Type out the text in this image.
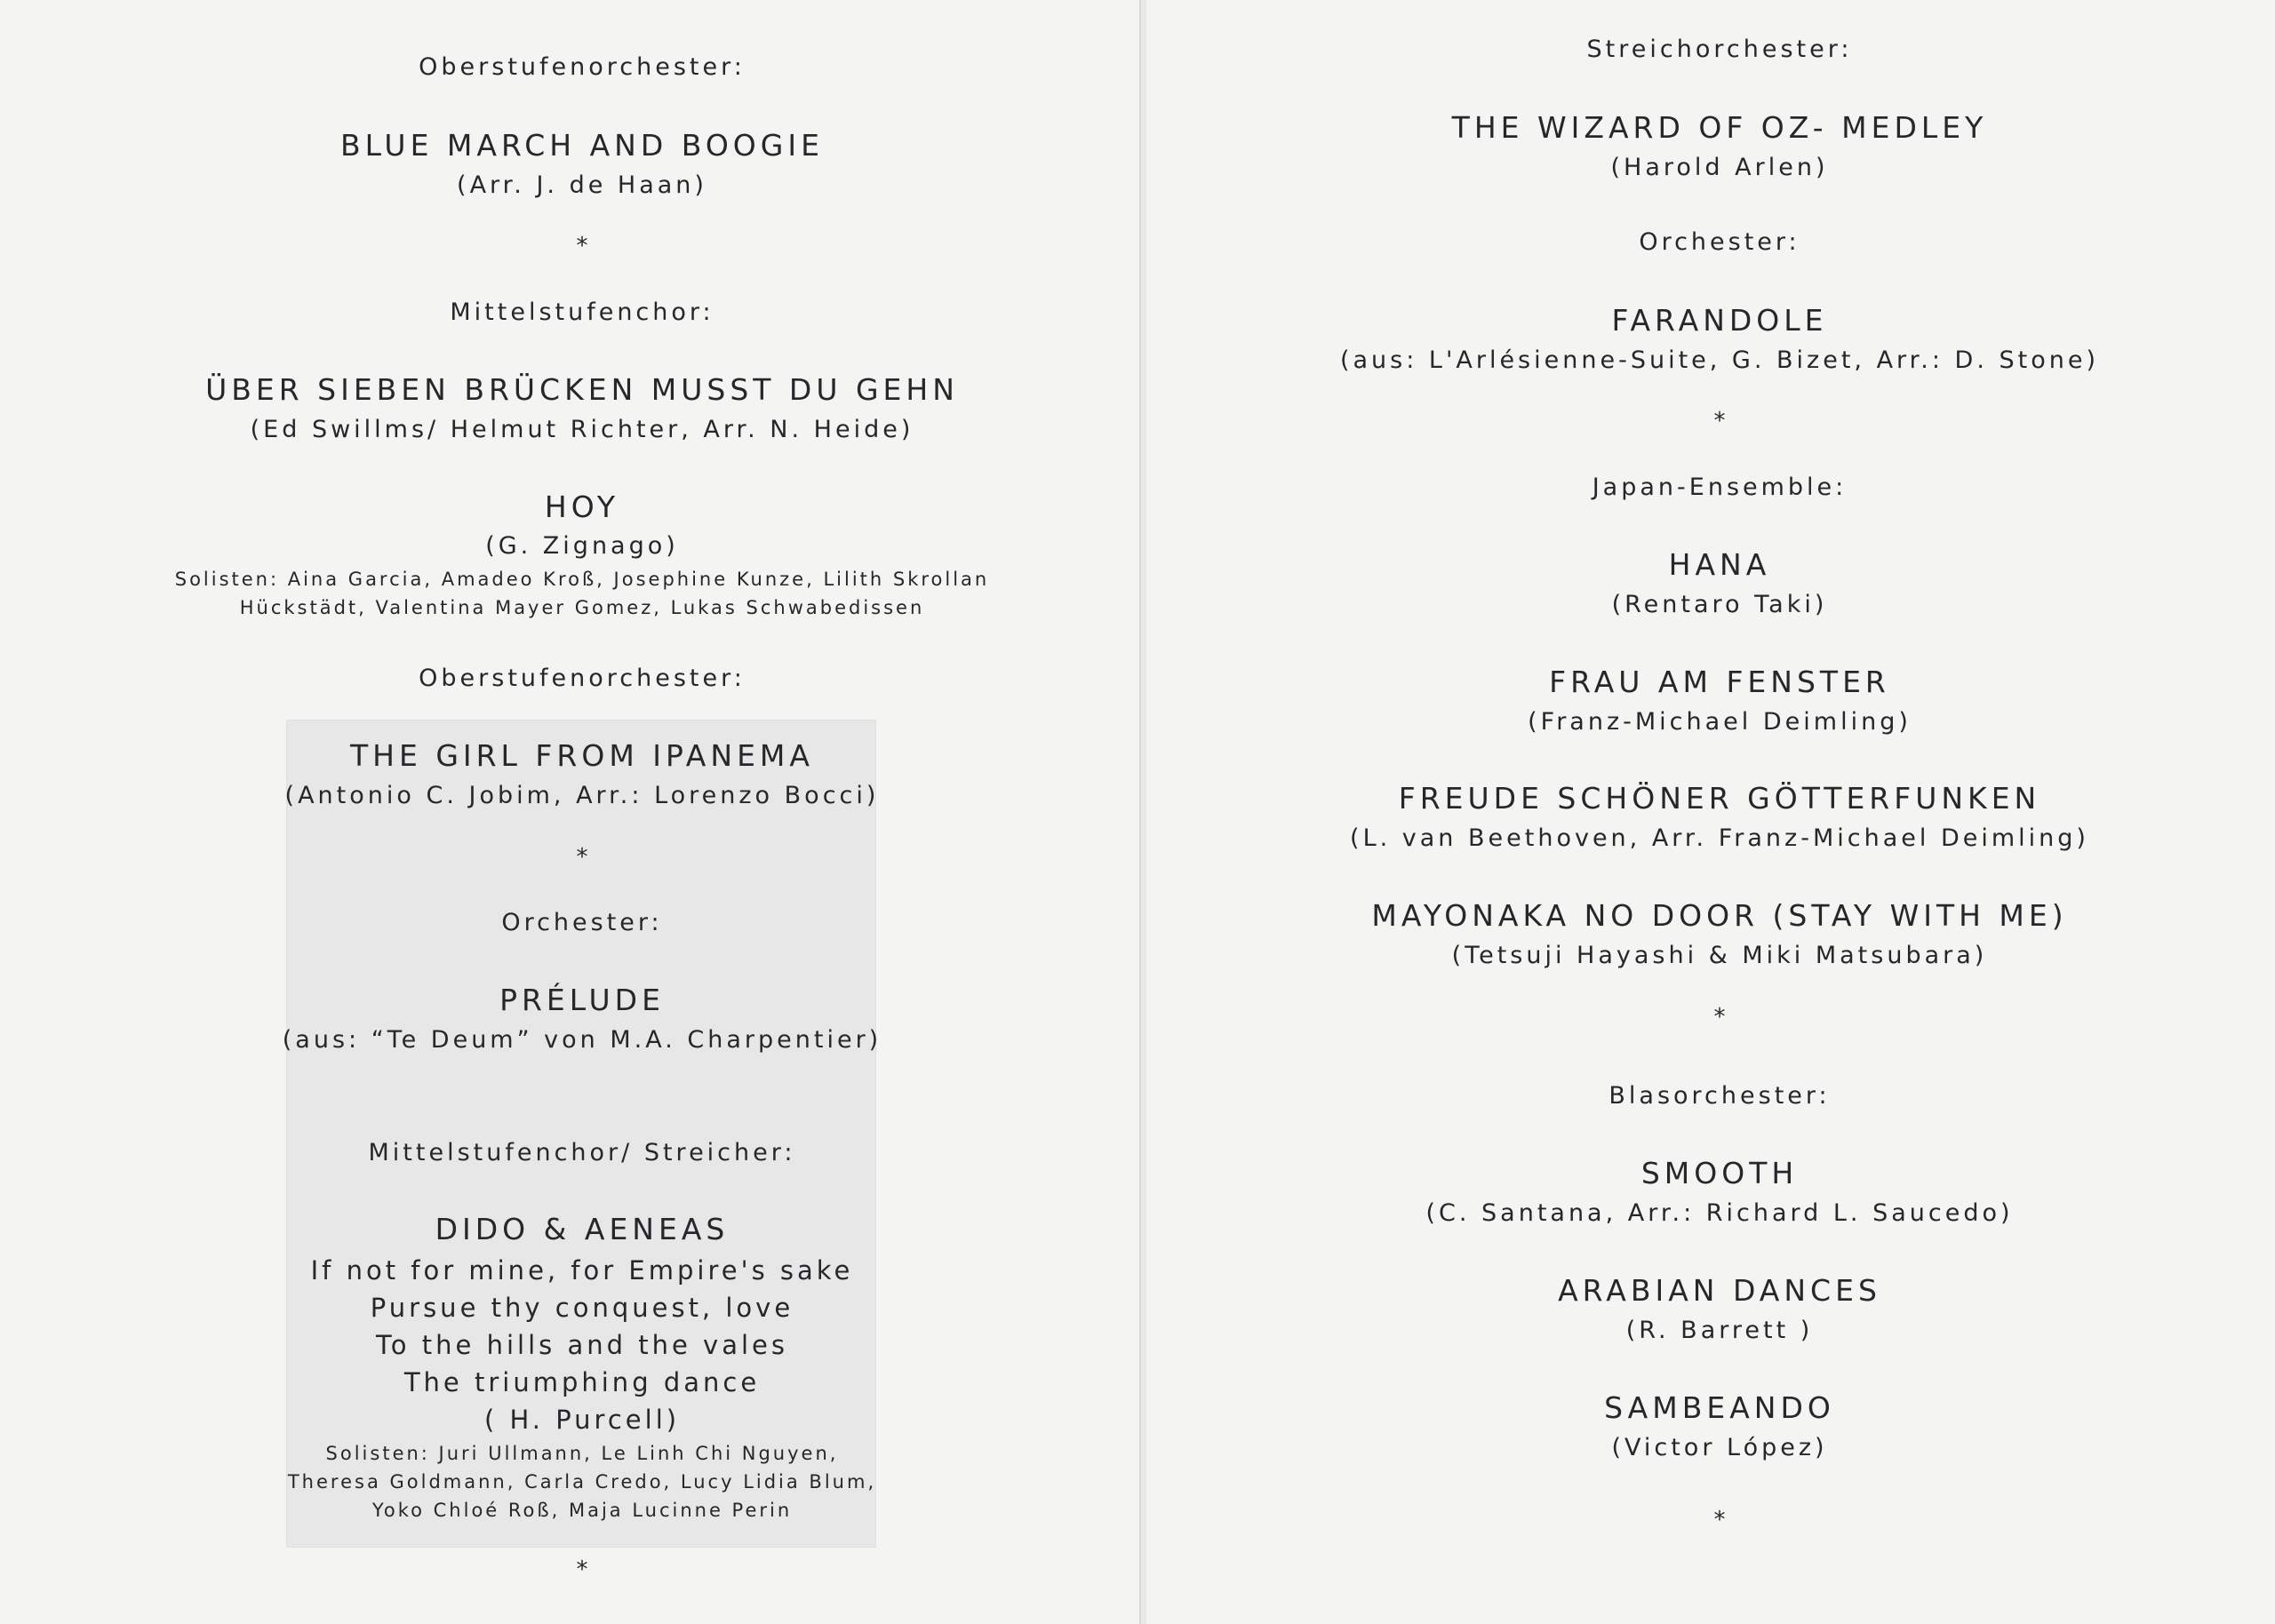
Oberstufenorchester:
BLUE MARCH AND BOOGIE
(Arr. J. de Haan)
*
Mittelstufenchor:
ÜBER SIEBEN BRÜCKEN MUSST DU GEHN
(Ed Swillms/ Helmut Richter, Arr. N. Heide)
HOY
(G. Zignago)
Solisten: Aina Garcia, Amadeo Kroß, Josephine Kunze, Lilith Skrollan
Hückstädt, Valentina Mayer Gomez, Lukas Schwabedissen
Oberstufenorchester:
THE GIRL FROM IPANEMA
(Antonio C. Jobim, Arr.: Lorenzo Bocci)
*
Orchester:
PRÉLUDE
(aus: “Te Deum” von M.A. Charpentier)
Mittelstufenchor/ Streicher:
DIDO & AENEAS
If not for mine, for Empire's sake
Pursue thy conquest, love
To the hills and the vales
The triumphing dance
( H. Purcell)
Solisten: Juri Ullmann, Le Linh Chi Nguyen,
Theresa Goldmann, Carla Credo, Lucy Lidia Blum,
Yoko Chloé Roß, Maja Lucinne Perin
*
Streichorchester:
THE WIZARD OF OZ- MEDLEY
(Harold Arlen)
Orchester:
FARANDOLE
(aus: L'Arlésienne-Suite, G. Bizet, Arr.: D. Stone)
*
Japan-Ensemble:
HANA
(Rentaro Taki)
FRAU AM FENSTER
(Franz-Michael Deimling)
FREUDE SCHÖNER GÖTTERFUNKEN
(L. van Beethoven, Arr. Franz-Michael Deimling)
MAYONAKA NO DOOR (STAY WITH ME)
(Tetsuji Hayashi & Miki Matsubara)
*
Blasorchester:
SMOOTH
(C. Santana, Arr.: Richard L. Saucedo)
ARABIAN DANCES
(R. Barrett )
SAMBEANDO
(Victor López)
*
